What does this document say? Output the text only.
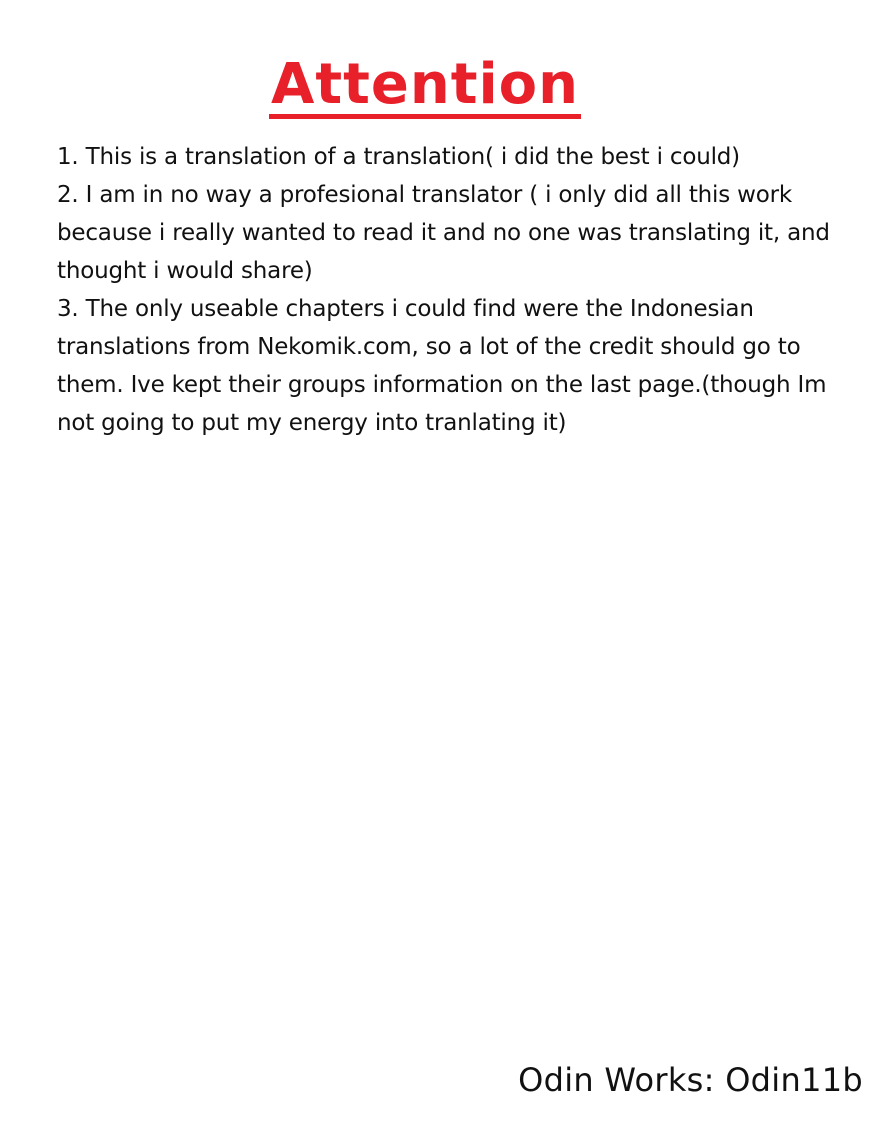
Attention

1. This is a translation of a translation( i did the best i could)

2. I am in no way a profesional translator ( i only did all this work because i really wanted to read it and no one was translating it, and thought i would share)

3. The only useable chapters i could find were the Indonesian translations from Nekomik.com, so a lot of the credit should go to them. Ive kept their groups information on the last page.(though Im not going to put my energy into tranlating it)

Odin Works: Odin11b
